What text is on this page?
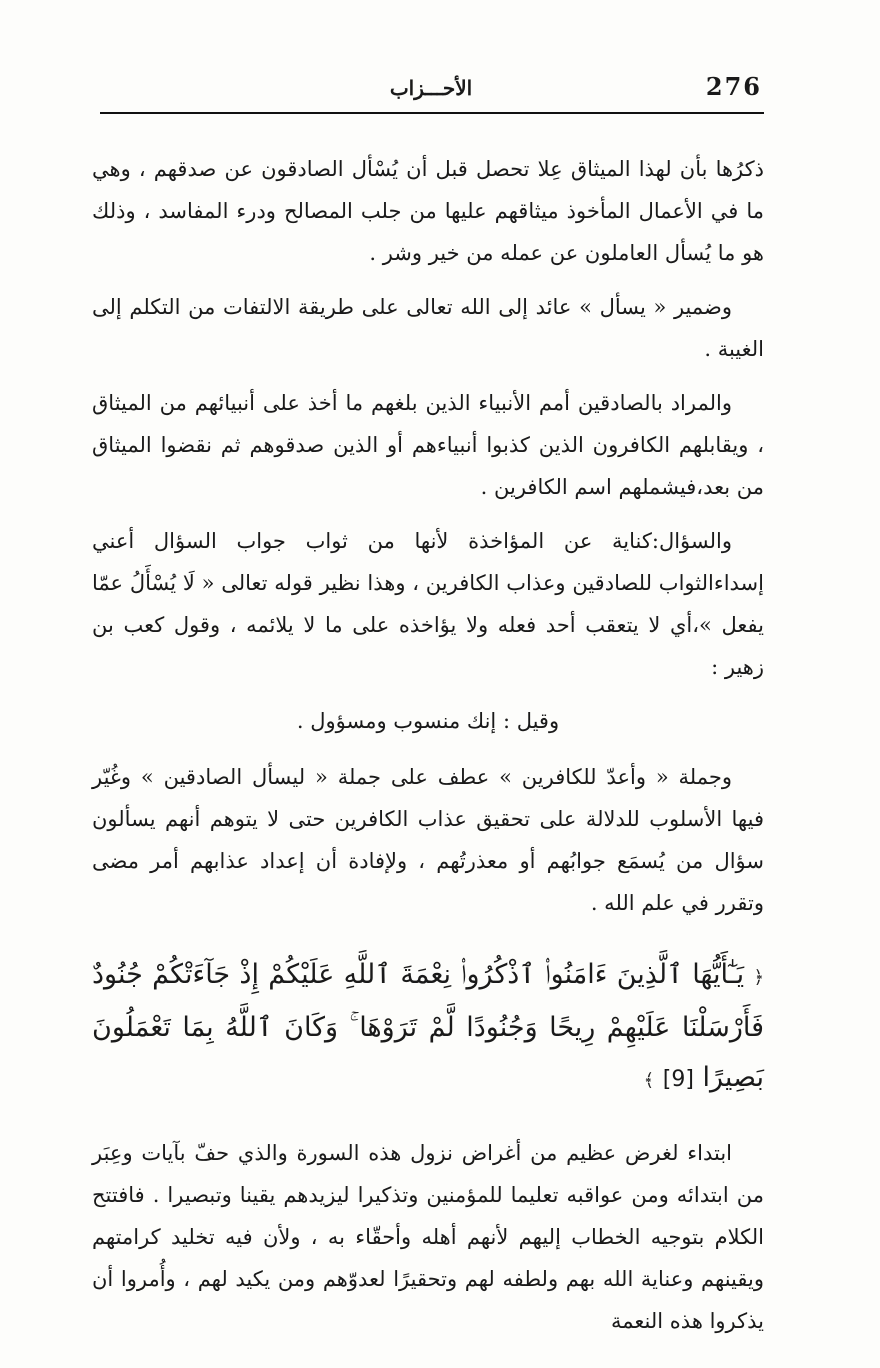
276
الأحـــزاب

ذكرُها بأن لهذا الميثاق عِلا تحصل قبل أن يُسْأل الصادقون عن صدقهم ، وهي ما في الأعمال المأخوذ ميثاقهم عليها من جلب المصالح ودرء المفاسد ، وذلك هو ما يُسأل العاملون عن عمله من خير وشر .

وضمير « يسأل » عائد إلى الله تعالى على طريقة الالتفات من التكلم إلى الغيبة .

والمراد بالصادقين أمم الأنبياء الذين بلغهم ما أخذ على أنبيائهم من الميثاق ، ويقابلهم الكافرون الذين كذبوا أنبياءهم أو الذين صدقوهم ثم نقضوا الميثاق من بعد،فيشملهم اسم الكافرين .

والسؤال:كناية عن المؤاخذة لأنها من ثواب جواب السؤال أعني إسداءالثواب للصادقين وعذاب الكافرين ، وهذا نظير قوله تعالى « لَا يُسْأَلُ عمّا يفعل »،أي لا يتعقب أحد فعله ولا يؤاخذه على ما لا يلائمه ، وقول كعب بن زهير :

وقيل : إنك منسوب ومسؤول .

وجملة « وأعدّ للكافرين » عطف على جملة « ليسأل الصادقين » وغُيّر فيها الأسلوب للدلالة على تحقيق عذاب الكافرين حتى لا يتوهم أنهم يسألون سؤال من يُسمَع جوابُهم أو معذرتُهم ، ولإفادة أن إعداد عذابهم أمر مضى وتقرر في علم الله .

﴿ يَـٰٓأَيُّهَا ٱلَّذِينَ ءَامَنُوا۟ ٱذْكُرُوا۟ نِعْمَةَ ٱللَّهِ عَلَيْكُمْ إِذْ جَآءَتْكُمْ جُنُودٌ فَأَرْسَلْنَا عَلَيْهِمْ رِيحًا وَجُنُودًا لَّمْ تَرَوْهَا ۚ وَكَانَ ٱللَّهُ بِمَا تَعْمَلُونَ بَصِيرًا [9] ﴾

ابتداء لغرض عظيم من أغراض نزول هذه السورة والذي حفّ بآيات وعِبَر من ابتدائه ومن عواقبه تعليما للمؤمنين وتذكيرا ليزيدهم يقينا وتبصيرا . فافتتح الكلام بتوجيه الخطاب إليهم لأنهم أهله وأحقّاء به ، ولأن فيه تخليد كرامتهم ويقينهم وعناية الله بهم ولطفه لهم وتحقيرًا لعدوّهم ومن يكيد لهم ، وأُمروا أن يذكروا هذه النعمة
